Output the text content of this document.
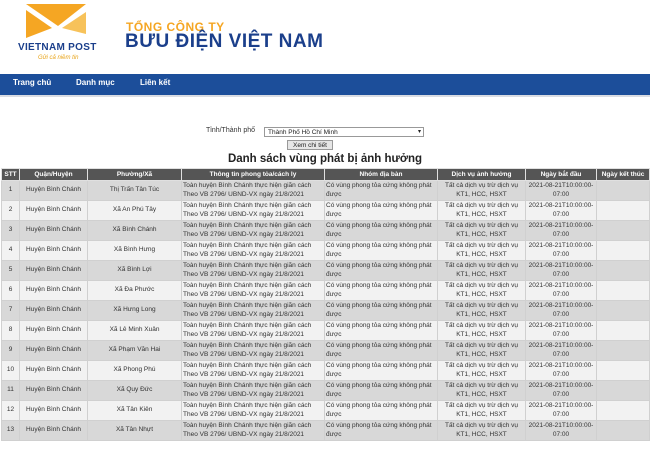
VIETNAM POST
Gửi cả niềm tin
TỔNG CÔNG TY
BƯU ĐIỆN VIỆT NAM
Trang chủ	Danh mục	Liên kết
Tỉnh/Thành phố	Thành Phố Hồ Chí Minh	▾
Xem chi tiết
Danh sách vùng phát bị ảnh hưởng
STT	Quận/Huyện	Phường/Xã	Thông tin phong tỏa/cách ly	Nhóm địa bàn	Dịch vụ ảnh hưởng	Ngày bắt đầu	Ngày kết thúc
1	Huyện Bình Chánh	Thị Trấn Tân Túc	Toàn huyện Bình Chánh thực hiện giãn cách Theo VB 2796/ UBND-VX ngày 21/8/2021	Có vùng phong tỏa cứng không phát được	Tất cả dịch vụ trừ dịch vụ KT1, HCC, HSXT	2021-08-21T10:00:00-07:00	
2	Huyện Bình Chánh	Xã An Phú Tây	Toàn huyện Bình Chánh thực hiện giãn cách Theo VB 2796/ UBND-VX ngày 21/8/2021	Có vùng phong tỏa cứng không phát được	Tất cả dịch vụ trừ dịch vụ KT1, HCC, HSXT	2021-08-21T10:00:00-07:00	
3	Huyện Bình Chánh	Xã Bình Chánh	Toàn huyện Bình Chánh thực hiện giãn cách Theo VB 2796/ UBND-VX ngày 21/8/2021	Có vùng phong tỏa cứng không phát được	Tất cả dịch vụ trừ dịch vụ KT1, HCC, HSXT	2021-08-21T10:00:00-07:00	
4	Huyện Bình Chánh	Xã Bình Hưng	Toàn huyện Bình Chánh thực hiện giãn cách Theo VB 2796/ UBND-VX ngày 21/8/2021	Có vùng phong tỏa cứng không phát được	Tất cả dịch vụ trừ dịch vụ KT1, HCC, HSXT	2021-08-21T10:00:00-07:00	
5	Huyện Bình Chánh	Xã Bình Lợi	Toàn huyện Bình Chánh thực hiện giãn cách Theo VB 2796/ UBND-VX ngày 21/8/2021	Có vùng phong tỏa cứng không phát được	Tất cả dịch vụ trừ dịch vụ KT1, HCC, HSXT	2021-08-21T10:00:00-07:00	
6	Huyện Bình Chánh	Xã Đa Phước	Toàn huyện Bình Chánh thực hiện giãn cách Theo VB 2796/ UBND-VX ngày 21/8/2021	Có vùng phong tỏa cứng không phát được	Tất cả dịch vụ trừ dịch vụ KT1, HCC, HSXT	2021-08-21T10:00:00-07:00	
7	Huyện Bình Chánh	Xã Hưng Long	Toàn huyện Bình Chánh thực hiện giãn cách Theo VB 2796/ UBND-VX ngày 21/8/2021	Có vùng phong tỏa cứng không phát được	Tất cả dịch vụ trừ dịch vụ KT1, HCC, HSXT	2021-08-21T10:00:00-07:00	
8	Huyện Bình Chánh	Xã Lê Minh Xuân	Toàn huyện Bình Chánh thực hiện giãn cách Theo VB 2796/ UBND-VX ngày 21/8/2021	Có vùng phong tỏa cứng không phát được	Tất cả dịch vụ trừ dịch vụ KT1, HCC, HSXT	2021-08-21T10:00:00-07:00	
9	Huyện Bình Chánh	Xã Phạm Văn Hai	Toàn huyện Bình Chánh thực hiện giãn cách Theo VB 2796/ UBND-VX ngày 21/8/2021	Có vùng phong tỏa cứng không phát được	Tất cả dịch vụ trừ dịch vụ KT1, HCC, HSXT	2021-08-21T10:00:00-07:00	
10	Huyện Bình Chánh	Xã Phong Phú	Toàn huyện Bình Chánh thực hiện giãn cách Theo VB 2796/ UBND-VX ngày 21/8/2021	Có vùng phong tỏa cứng không phát được	Tất cả dịch vụ trừ dịch vụ KT1, HCC, HSXT	2021-08-21T10:00:00-07:00	
11	Huyện Bình Chánh	Xã Quy Đức	Toàn huyện Bình Chánh thực hiện giãn cách Theo VB 2796/ UBND-VX ngày 21/8/2021	Có vùng phong tỏa cứng không phát được	Tất cả dịch vụ trừ dịch vụ KT1, HCC, HSXT	2021-08-21T10:00:00-07:00	
12	Huyện Bình Chánh	Xã Tân Kiên	Toàn huyện Bình Chánh thực hiện giãn cách Theo VB 2796/ UBND-VX ngày 21/8/2021	Có vùng phong tỏa cứng không phát được	Tất cả dịch vụ trừ dịch vụ KT1, HCC, HSXT	2021-08-21T10:00:00-07:00	
13	Huyện Bình Chánh	Xã Tân Nhựt	Toàn huyện Bình Chánh thực hiện giãn cách Theo VB 2796/ UBND-VX ngày 21/8/2021	Có vùng phong tỏa cứng không phát được	Tất cả dịch vụ trừ dịch vụ KT1, HCC, HSXT	2021-08-21T10:00:00-07:00	
